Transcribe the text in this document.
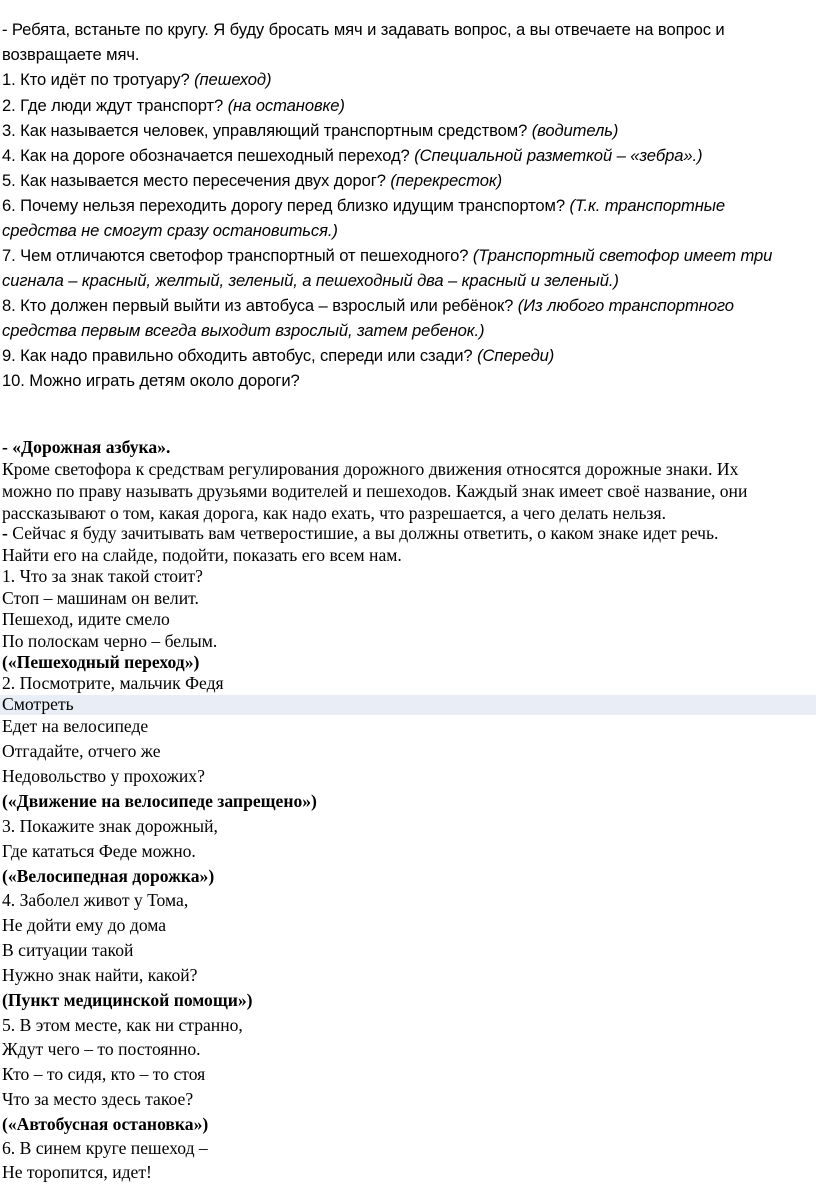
- Ребята, встаньте по кругу. Я буду бросать мяч и задавать вопрос, а вы отвечаете на вопрос и
возвращаете мяч.
1. Кто идёт по тротуару? (пешеход)
2. Где люди ждут транспорт? (на остановке)
3. Как называется человек, управляющий транспортным средством? (водитель)
4. Как на дороге обозначается пешеходный переход? (Специальной разметкой – «зебра».)
5. Как называется место пересечения двух дорог? (перекресток)
6. Почему нельзя переходить дорогу перед близко идущим транспортом? (Т.к. транспортные
средства не смогут сразу остановиться.)
7. Чем отличаются светофор транспортный от пешеходного? (Транспортный светофор имеет три
сигнала – красный, желтый, зеленый, а пешеходный два – красный и зеленый.)
8. Кто должен первый выйти из автобуса – взрослый или ребёнок? (Из любого транспортного
средства первым всегда выходит взрослый, затем ребенок.)
9. Как надо правильно обходить автобус, спереди или сзади? (Спереди)
10. Можно играть детям около дороги?
- «Дорожная азбука».
Кроме светофора к средствам регулирования дорожного движения относятся дорожные знаки. Их
можно по праву называть друзьями водителей и пешеходов. Каждый знак имеет своё название, они
рассказывают о том, какая дорога, как надо ехать, что разрешается, а чего делать нельзя.
- Сейчас я буду зачитывать вам четверостишие, а вы должны ответить, о каком знаке идет речь.
Найти его на слайде, подойти, показать его всем нам.
1. Что за знак такой стоит?
Стоп – машинам он велит.
Пешеход, идите смело
По полоскам черно – белым.
(«Пешеходный переход»)
2. Посмотрите, мальчик Федя
Смотреть
Едет на велосипеде
Отгадайте, отчего же
Недовольство у прохожих?
(«Движение на велосипеде запрещено»)
3. Покажите знак дорожный,
Где кататься Феде можно.
(«Велосипедная дорожка»)
4. Заболел живот у Тома,
Не дойти ему до дома
В ситуации такой
Нужно знак найти, какой?
(Пункт медицинской помощи»)
5. В этом месте, как ни странно,
Ждут чего – то постоянно.
Кто – то сидя, кто – то стоя
Что за место здесь такое?
(«Автобусная остановка»)
6. В синем круге пешеход –
Не торопится, идет!
